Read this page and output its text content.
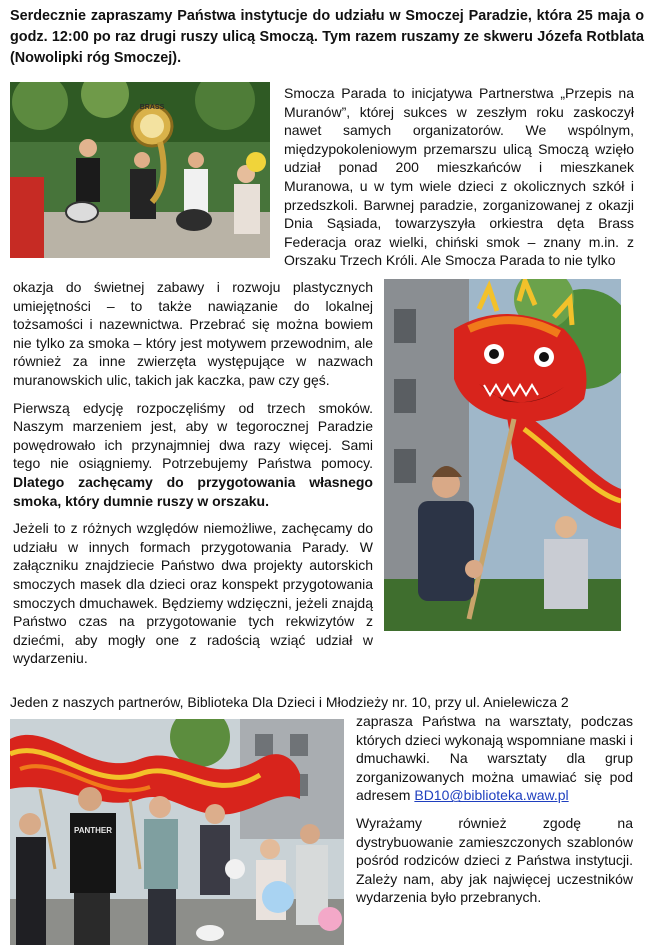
Serdecznie zapraszamy Państwa instytucje do udziału w Smoczej Paradzie, która 25 maja o godz. 12:00 po raz drugi ruszy ulicą Smoczą. Tym razem ruszamy ze skweru Józefa Rotblata (Nowolipki róg Smoczej).
BRASS

Smocza Parada to inicjatywa Partnerstwa „Przepis na Muranów”, której sukces w zeszłym roku zaskoczył nawet samych organizatorów. We wspólnym, międzypokoleniowym przemarszu ulicą Smoczą wzięło udział ponad 200 mieszkańców i mieszkanek Muranowa, u w tym wiele dzieci z okolicznych szkół i przedszkoli. Barwnej paradzie, zorganizowanej z okazji Dnia Sąsiada, towarzyszyła orkiestra dęta Brass Federacja oraz wielki, chiński smok – znany m.in. z Orszaku Trzech Króli. Ale Smocza Parada to nie tylko

okazja do świetnej zabawy i rozwoju plastycznych umiejętności – to także nawiązanie do lokalnej tożsamości i nazewnictwa. Przebrać się można bowiem nie tylko za smoka – który jest motywem przewodnim, ale również za inne zwierzęta występujące w nazwach muranowskich ulic, takich jak kaczka, paw czy gęś.

Pierwszą edycję rozpoczęliśmy od trzech smoków. Naszym marzeniem jest, aby w tegorocznej Paradzie powędrowało ich przynajmniej dwa razy więcej. Sami tego nie osiągniemy. Potrzebujemy Państwa pomocy. Dlatego zachęcamy do przygotowania własnego smoka, który dumnie ruszy w orszaku.

Jeżeli to z różnych względów niemożliwe, zachęcamy do udziału w innych formach przygotowania Parady. W załączniku znajdziecie Państwo dwa projekty autorskich smoczych masek dla dzieci oraz konspekt przygotowania smoczych dmuchawek. Będziemy wdzięczni, jeżeli znajdą Państwo czas na przygotowanie tych rekwizytów z dziećmi, aby mogły one z radością wziąć udział w wydarzeniu.

Jeden z naszych partnerów, Biblioteka Dla Dzieci i Młodzieży nr. 10, przy ul. Anielewicza 2
PANTHER

zaprasza Państwa na warsztaty, podczas których dzieci wykonają wspomniane maski i dmuchawki. Na warsztaty dla grup zorganizowanych można umawiać się pod adresem BD10@biblioteka.waw.pl

Wyrażamy również zgodę na dystrybuowanie zamieszczonych szablonów pośród rodziców dzieci z Państwa instytucji. Zależy nam, aby jak najwięcej uczestników wydarzenia było przebranych.
